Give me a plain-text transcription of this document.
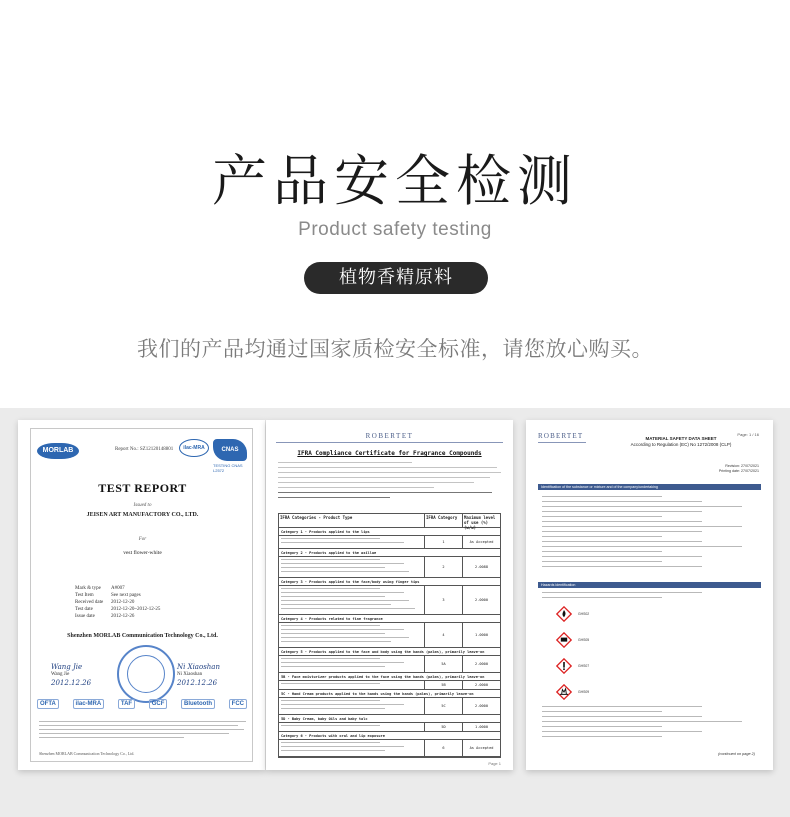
产品安全检测
Product safety testing
植物香精原料
我们的产品均通过国家质检安全标准，请您放心购买。
MORLAB	Report No.: SZ12120148801	ilac-MRA	CNAS
TESTING CNAS L2572
TEST REPORT
Issued to
JEISEN ART MANUFACTORY CO., LTD.
For
vest flower-white
Mark & type	A#007
Test Item	See next pages
Received date	2012-12-20
Test date	2012-12-20~2012-12-25
Issue date	2012-12-26
Shenzhen MORLAB Communication Technology Co., Ltd.
Wang Jie
Wang Jie
2012.12.26
Ni Xiaoshan
Ni Xiaoshan
2012.12.26
OFTA	ilac-MRA	TAF	GCF	Bluetooth	FCC
Shenzhen MORLAB Communication Technology Co., Ltd.
ROBERTET
IFRA Compliance Certificate for Fragrance Compounds
IFRA Categories - Product Type	IFRA Category	Maximum level of use (%) (w/w)
Category 1 - Products applied to the lips
1	As Accepted
Category 2 - Products applied to the axillae
2	2.0088
Category 3 - Products applied to the face/body using finger tips
3	2.0000
Category 4 - Products related to fine fragrance
4	1.0000
Category 5 - Products applied to the face and body using the hands (palms), primarily leave-on
5A	2.0000
5B - Face moisturizer products applied to the face using the hands (palms), primarily leave-on
5B	2.0000
5C - Hand Cream products applied to the hands using the hands (palms), primarily leave-on
5C	2.0000
5D - Baby Cream, baby Oils and baby talc
5D	1.0000
Category 6 - Products with oral and lip exposure
6	As Accepted
Page 1
ROBERTET	Page: 1 / 16
MATERIAL SAFETY DATA SHEET
According to Regulation (EC) No 1272/2008 (CLP)
Revision: 27/07/2021
Printing date: 27/07/2021
Identification of the substance or mixture and of the company/undertaking
Hazards identification
GHS02
GHS05
GHS07
GHS09
(continued on page 2)
